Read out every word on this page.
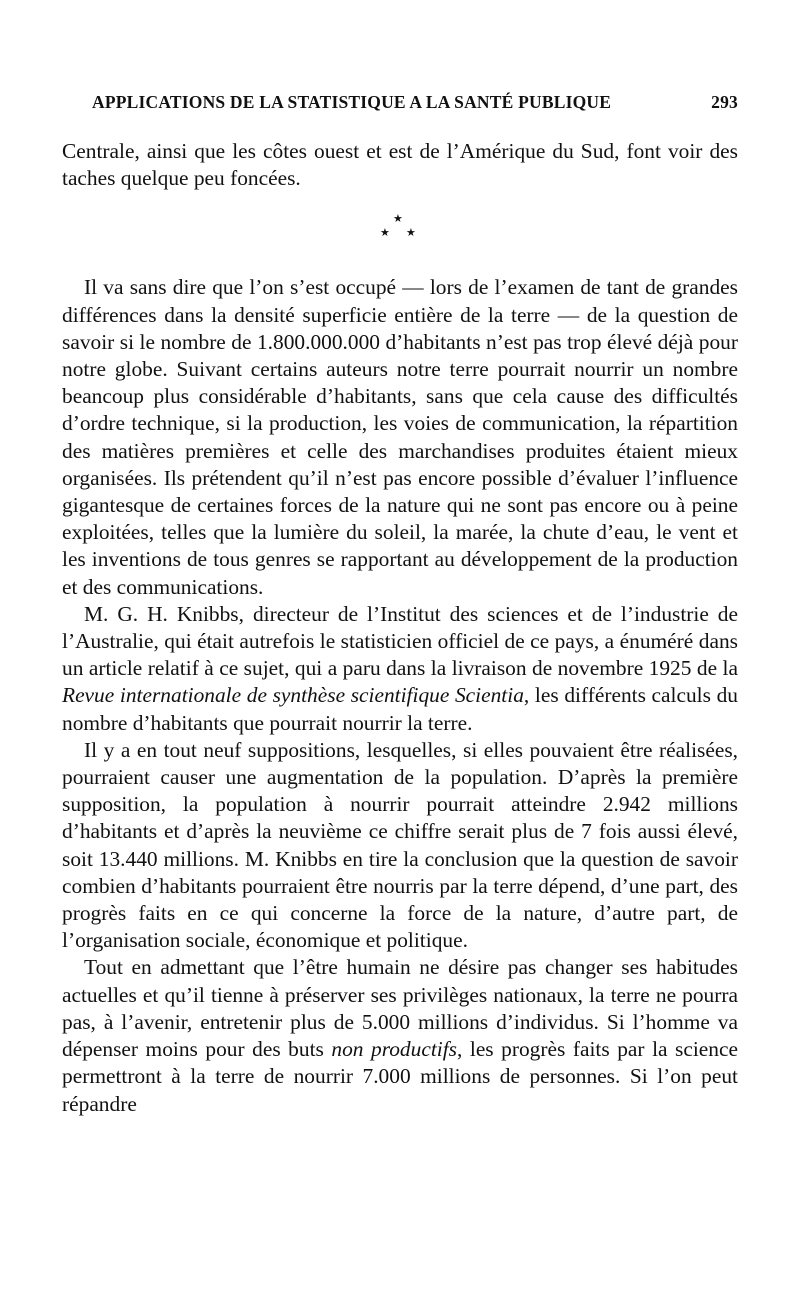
APPLICATIONS DE LA STATISTIQUE A LA SANTÉ PUBLIQUE	293

Centrale, ainsi que les côtes ouest et est de l’Amérique du Sud, font voir des taches quelque peu foncées.

★
★ ★

Il va sans dire que l’on s’est occupé — lors de l’examen de tant de grandes différences dans la densité superficie entière de la terre — de la question de savoir si le nombre de 1.800.000.000 d’habitants n’est pas trop élevé déjà pour notre globe. Suivant certains auteurs notre terre pourrait nourrir un nombre beancoup plus considérable d’habitants, sans que cela cause des difficultés d’ordre technique, si la production, les voies de communication, la répartition des matières premières et celle des marchandises produites étaient mieux organisées. Ils prétendent qu’il n’est pas encore possible d’évaluer l’influence gigantesque de certaines forces de la nature qui ne sont pas encore ou à peine exploitées, telles que la lumière du soleil, la marée, la chute d’eau, le vent et les inventions de tous genres se rapportant au développement de la production et des communications.

M. G. H. Knibbs, directeur de l’Institut des sciences et de l’industrie de l’Australie, qui était autrefois le statisticien officiel de ce pays, a énuméré dans un article relatif à ce sujet, qui a paru dans la livraison de novembre 1925 de la Revue internationale de synthèse scientifique Scientia, les différents calculs du nombre d’habitants que pourrait nourrir la terre.

Il y a en tout neuf suppositions, lesquelles, si elles pouvaient être réalisées, pourraient causer une augmentation de la population. D’après la première supposition, la population à nourrir pourrait atteindre 2.942 millions d’habitants et d’après la neuvième ce chiffre serait plus de 7 fois aussi élevé, soit 13.440 millions. M. Knibbs en tire la conclusion que la question de savoir combien d’habitants pourraient être nourris par la terre dépend, d’une part, des progrès faits en ce qui concerne la force de la nature, d’autre part, de l’organisation sociale, économique et politique.

Tout en admettant que l’être humain ne désire pas changer ses habitudes actuelles et qu’il tienne à préserver ses privilèges nationaux, la terre ne pourra pas, à l’avenir, entretenir plus de 5.000 millions d’individus. Si l’homme va dépenser moins pour des buts non productifs, les progrès faits par la science permettront à la terre de nourrir 7.000 millions de personnes. Si l’on peut répandre
